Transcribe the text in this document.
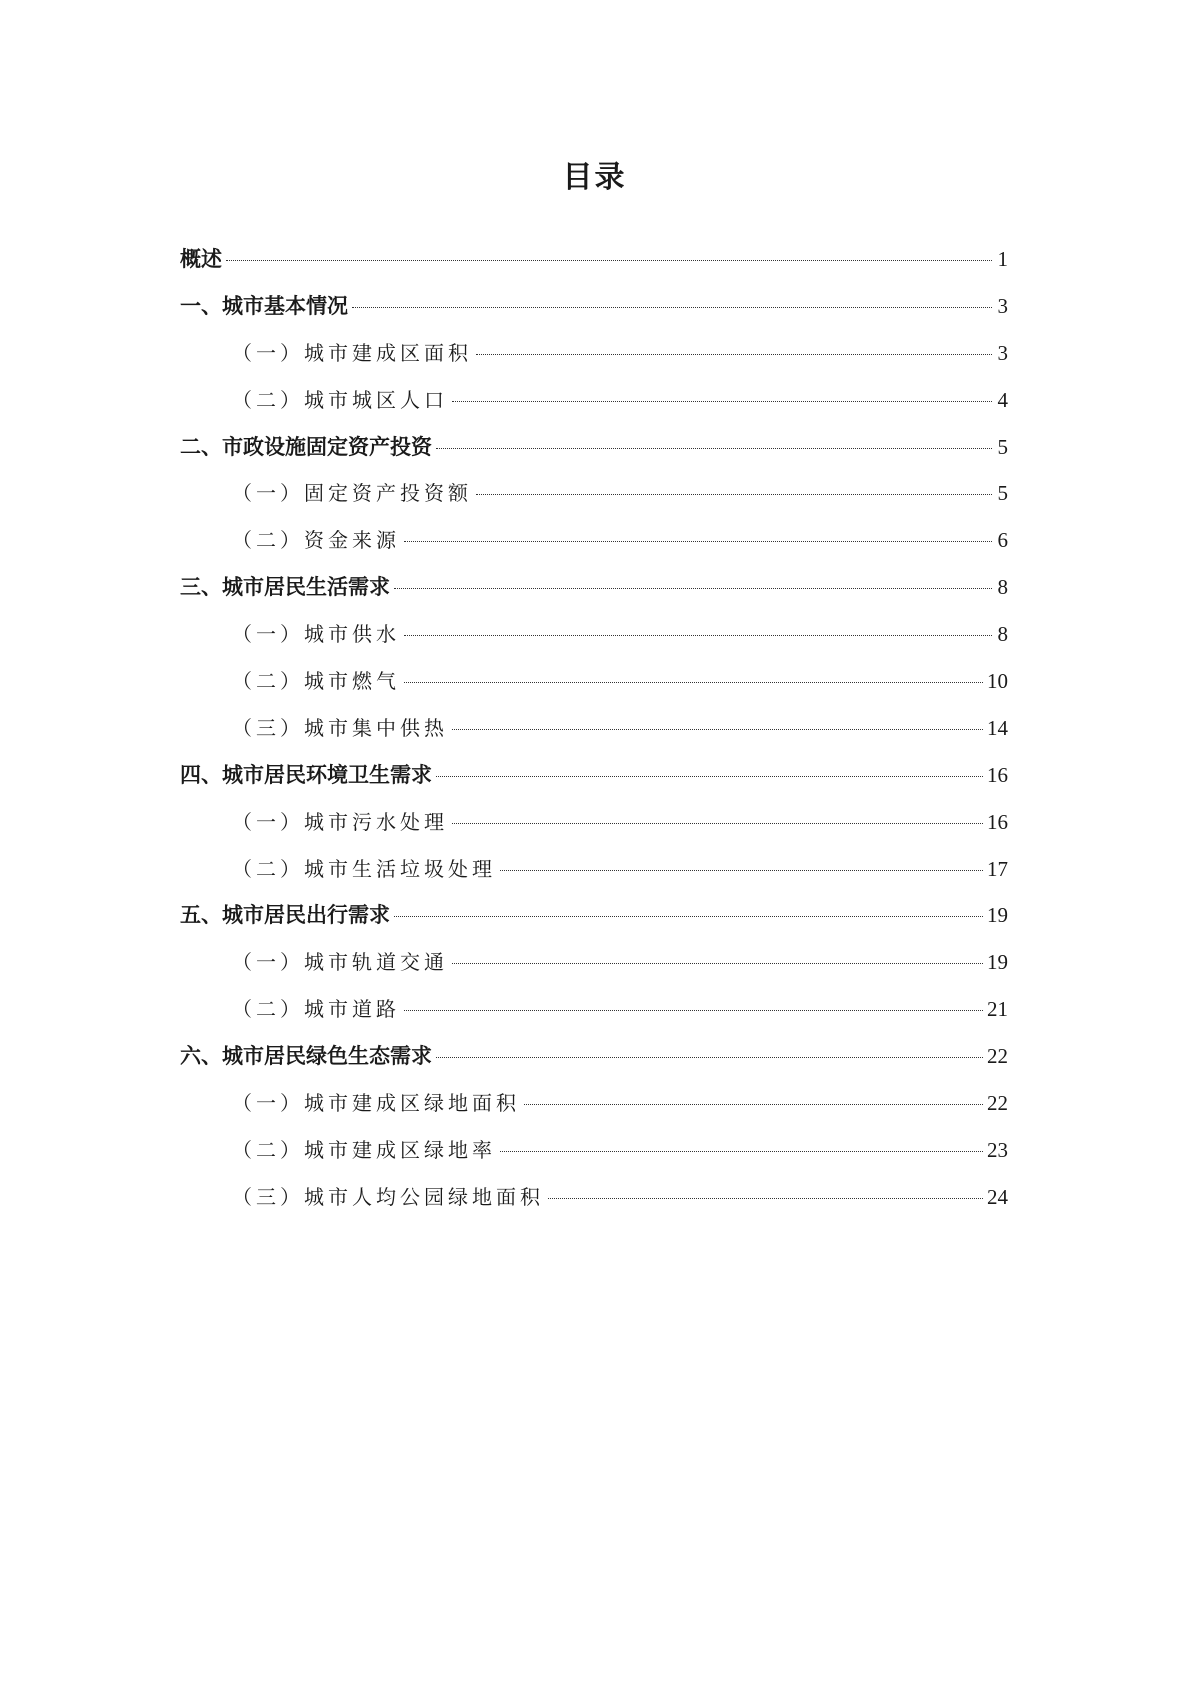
目录
概述	1
一、城市基本情况	3
（一）城市建成区面积	3
（二）城市城区人口	4
二、市政设施固定资产投资	5
（一）固定资产投资额	5
（二）资金来源	6
三、城市居民生活需求	8
（一）城市供水	8
（二）城市燃气	10
（三）城市集中供热	14
四、城市居民环境卫生需求	16
（一）城市污水处理	16
（二）城市生活垃圾处理	17
五、城市居民出行需求	19
（一）城市轨道交通	19
（二）城市道路	21
六、城市居民绿色生态需求	22
（一）城市建成区绿地面积	22
（二）城市建成区绿地率	23
（三）城市人均公园绿地面积	24
